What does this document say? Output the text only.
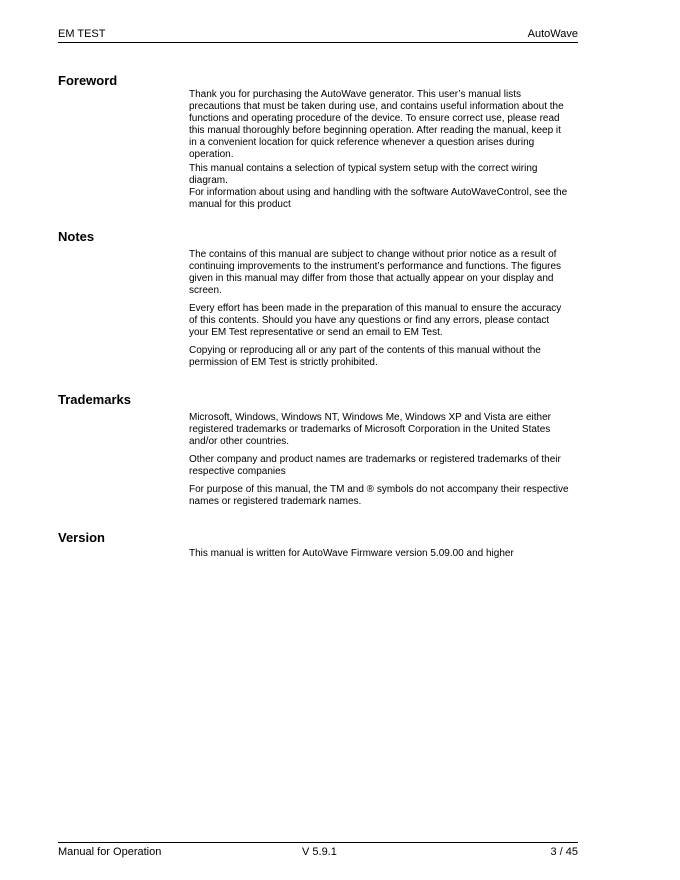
EM TEST	AutoWave
Foreword

Thank you for purchasing the AutoWave generator. This user’s manual lists precautions that must be taken during use, and contains useful information about the functions and operating procedure of the device. To ensure correct use, please read this manual thoroughly before beginning operation. After reading the manual, keep it in a convenient location for quick reference whenever a question arises during operation.

This manual contains a selection of typical system setup with the correct wiring diagram.

For information about using and handling with the software AutoWaveControl, see the manual for this product

Notes

The contains of this manual are subject to change without prior notice as a result of continuing improvements to the instrument’s performance and functions. The figures given in this manual may differ from those that actually appear on your display and screen.

Every effort has been made in the preparation of this manual to ensure the accuracy of this contents. Should you have any questions or find any errors, please contact your EM Test representative or send an email to EM Test.

Copying or reproducing all or any part of the contents of this manual without the permission of EM Test is strictly prohibited.

Trademarks

Microsoft, Windows, Windows NT, Windows Me, Windows XP and Vista are either registered trademarks or trademarks of Microsoft Corporation in the United States and/or other countries.

Other company and product names are trademarks or registered trademarks of their respective companies

For purpose of this manual, the TM and ® symbols do not accompany their respective names or registered trademark names.

Version

This manual is written for AutoWave Firmware version 5.09.00 and higher

Manual for Operation	V 5.9.1	3 / 45
